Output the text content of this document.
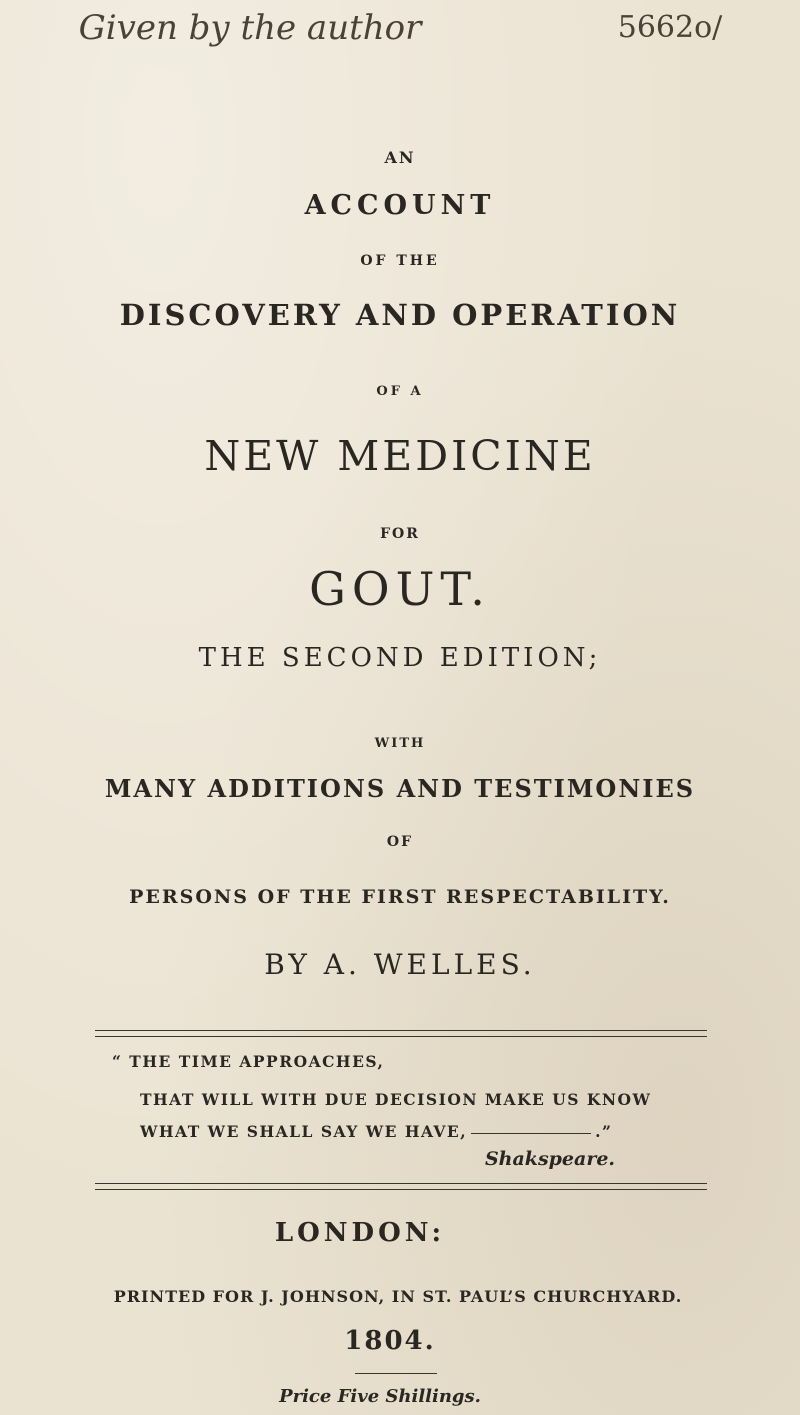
Given by the author	5662o/
AN
ACCOUNT
OF THE
DISCOVERY AND OPERATION
OF A
NEW MEDICINE
FOR
GOUT.
THE SECOND EDITION;
WITH
MANY ADDITIONS AND TESTIMONIES
OF
PERSONS OF THE FIRST RESPECTABILITY.
BY A. WELLES.
“ THE TIME APPROACHES,
THAT WILL WITH DUE DECISION MAKE US KNOW
WHAT WE SHALL SAY WE HAVE,	.”
Shakspeare.
LONDON:
PRINTED FOR J. JOHNSON, IN ST. PAUL’S CHURCHYARD.
1804.
Price Five Shillings.
